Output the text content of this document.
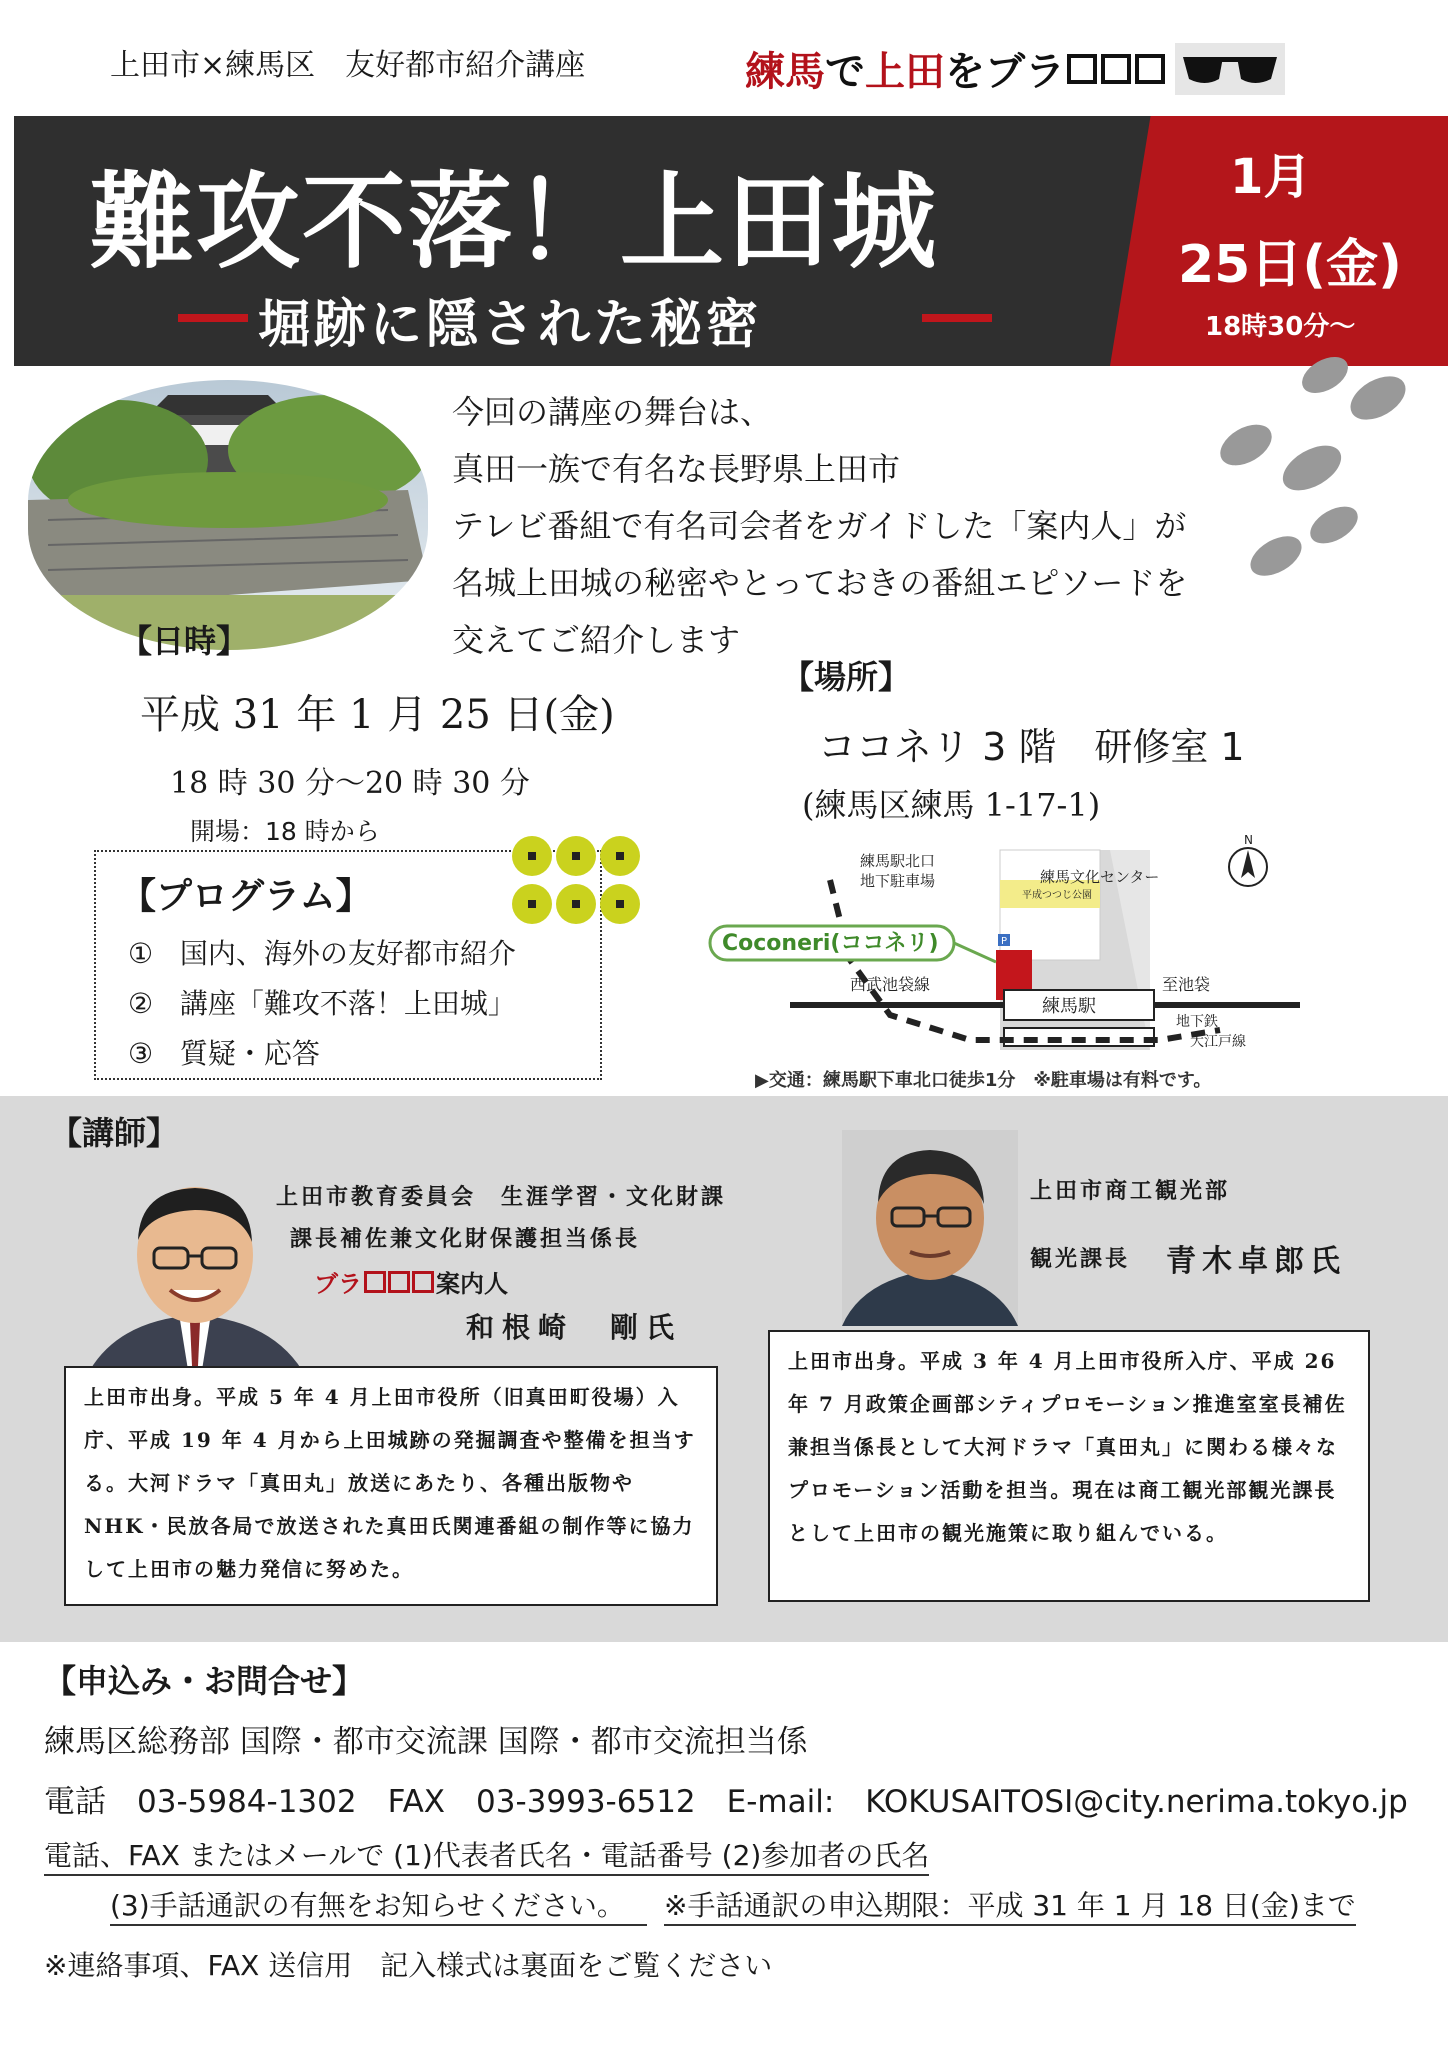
上田市×練馬区　友好都市紹介講座	練馬 で 上田 をブラ
難攻不落！上田城
堀跡に隠された秘密
1月
25日(金)
18時30分～
今回の講座の舞台は、
真田一族で有名な長野県上田市
テレビ番組で有名司会者をガイドした「案内人」が
名城上田城の秘密やとっておきの番組エピソードを
交えてご紹介します
【日時】
平成 31 年 1 月 25 日(金)
18 時 30 分～20 時 30 分
開場：18 時から
【プログラム】
① 国内、海外の友好都市紹介
② 講座「難攻不落！上田城」
③ 質疑・応答
【場所】
ココネリ 3 階　研修室 1
(練馬区練馬 1-17-1)
P
Coconeri(ココネリ)
練馬駅北口
地下駐車場	練馬文化センター
平成つつじ公園
西武池袋線	至池袋
練馬駅
地下鉄
大江戸線
N
▶交通：練馬駅下車北口徒歩1分　※駐車場は有料です。
【講師】
上田市教育委員会　生涯学習・文化財課
課長補佐兼文化財保護担当係長
ブラ	案内人
和根崎　剛氏
上田市出身。平成 5 年 4 月上田市役所（旧真田町役場）入庁、平成 19 年 4 月から上田城跡の発掘調査や整備を担当する。大河ドラマ「真田丸」放送にあたり、各種出版物や NHK・民放各局で放送された真田氏関連番組の制作等に協力して上田市の魅力発信に努めた。
上田市商工観光部
観光課長 青木卓郎氏
上田市出身。平成 3 年 4 月上田市役所入庁、平成 26 年 7 月政策企画部シティプロモーション推進室室長補佐兼担当係長として大河ドラマ「真田丸」に関わる様々なプロモーション活動を担当。現在は商工観光部観光課長として上田市の観光施策に取り組んでいる。
【申込み・お問合せ】
練馬区総務部 国際・都市交流課 国際・都市交流担当係
電話　03-5984-1302　FAX　03-3993-6512　E-mail:　KOKUSAITOSI@city.nerima.tokyo.jp
電話、FAX またはメールで (1)代表者氏名・電話番号 (2)参加者の氏名
(3)手話通訳の有無をお知らせください。	※手話通訳の申込期限：平成 31 年 1 月 18 日(金)まで
※連絡事項、FAX 送信用　記入様式は裏面をご覧ください
